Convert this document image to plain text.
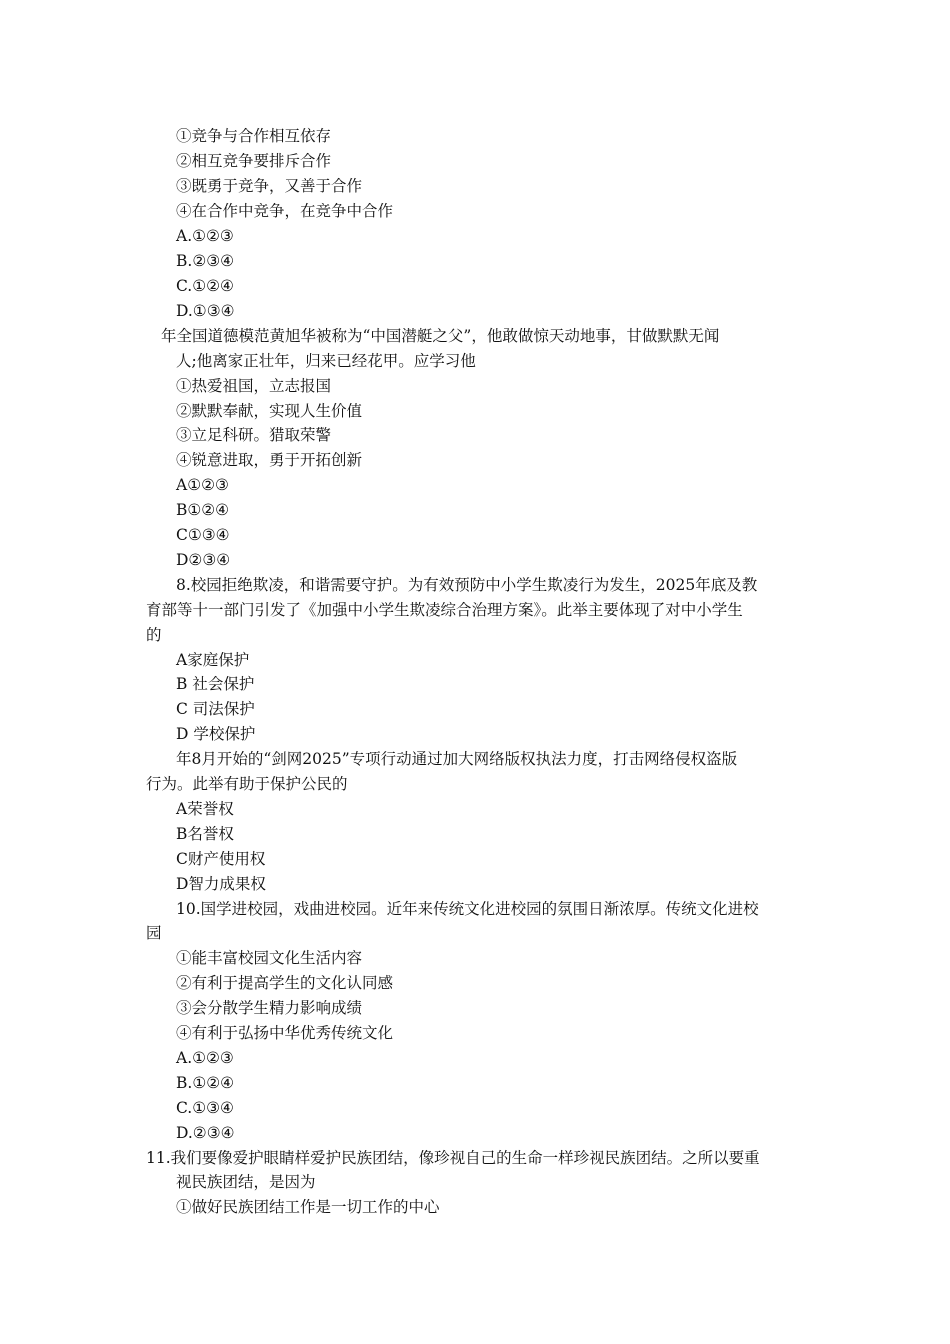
①竞争与合作相互依存
②相互竞争要排斥合作
③既勇于竞争，又善于合作
④在合作中竞争，在竞争中合作
A.①②③
B.②③④
C.①②④
D.①③④
年全国道德模范黄旭华被称为“中国潜艇之父”，他敢做惊天动地事，甘做默默无闻
人;他离家正壮年，归来已经花甲。应学习他
①热爱祖国，立志报国
②默默奉献，实现人生价值
③立足科研。猎取荣警
④锐意进取，勇于开拓创新
A①②③
B①②④
C①③④
D②③④
8.校园拒绝欺凌，和谐需要守护。为有效预防中小学生欺凌行为发生，2025年底及教
育部等十一部门引发了《加强中小学生欺凌综合治理方案》。此举主要体现了对中小学生
的
A家庭保护
B 社会保护
C 司法保护
D 学校保护
年8月开始的“剑网2025”专项行动通过加大网络版权执法力度，打击网络侵权盗版
行为。此举有助于保护公民的
A荣誉权
B名誉权
C财产使用权
D智力成果权
10.国学进校园，戏曲进校园。近年来传统文化进校园的氛围日渐浓厚。传统文化进校
园
①能丰富校园文化生活内容
②有利于提高学生的文化认同感
③会分散学生精力影响成绩
④有利于弘扬中华优秀传统文化
A.①②③
B.①②④
C.①③④
D.②③④
11.我们要像爱护眼睛样爱护民族团结，像珍视自己的生命一样珍视民族团结。之所以要重
视民族团结，是因为
①做好民族团结工作是一切工作的中心
